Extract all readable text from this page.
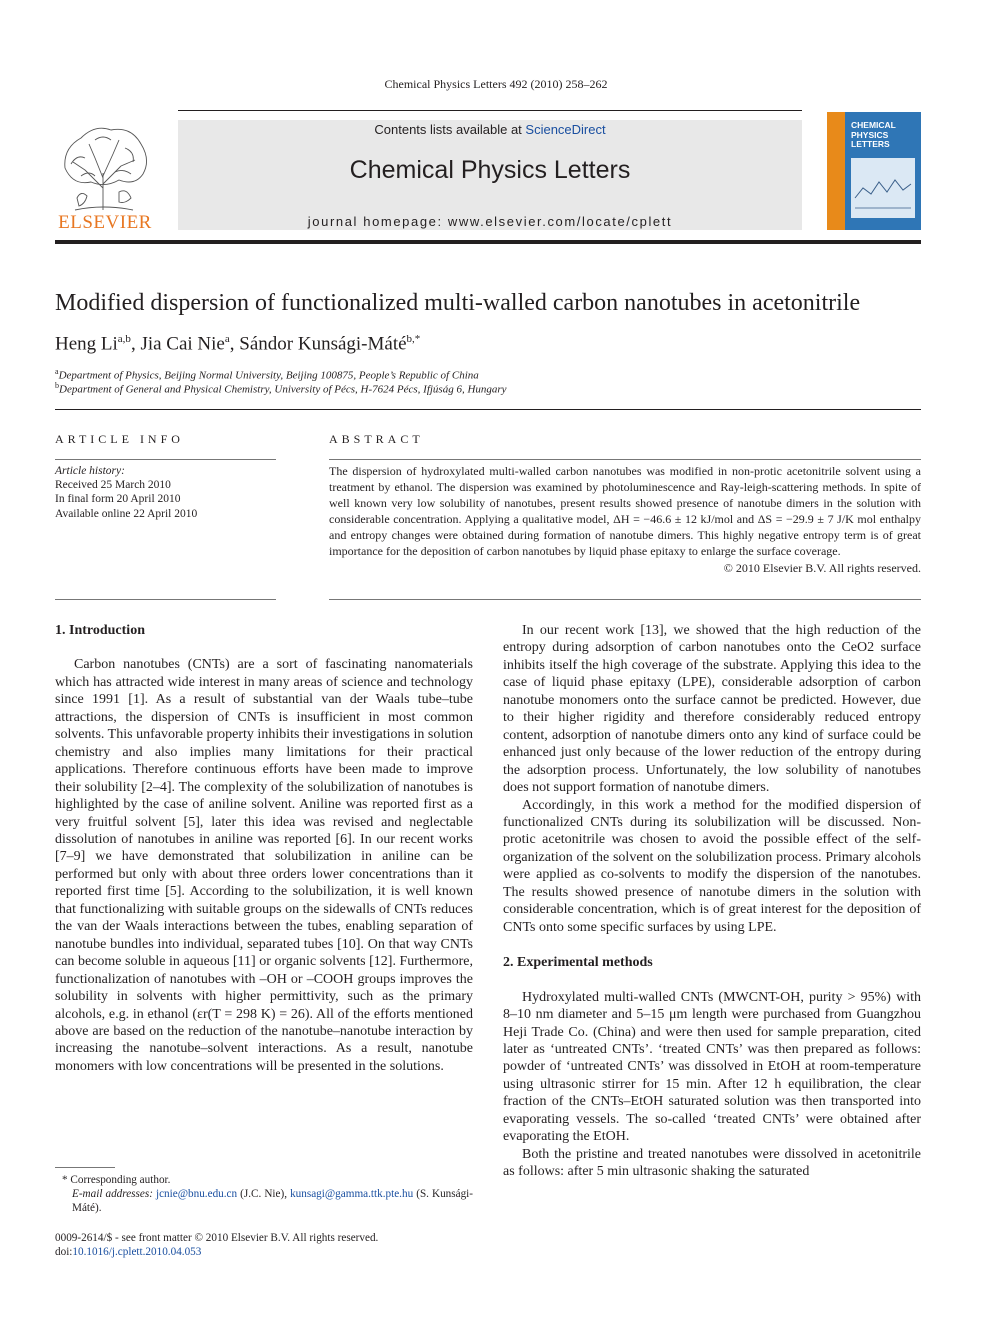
Chemical Physics Letters 492 (2010) 258–262
ELSEVIER
Contents lists available at ScienceDirect
Chemical Physics Letters
journal homepage: www.elsevier.com/locate/cplett
CHEMICAL
PHYSICS
LETTERS
Modified dispersion of functionalized multi-walled carbon nanotubes in acetonitrile
Heng Li$^{a,b}$, Jia Cai Nie$^a$, Sándor Kunsági-Máté$^{b,*}$
$^a$Department of Physics, Beijing Normal University, Beijing 100875, People’s Republic of China
$^b$Department of General and Physical Chemistry, University of Pécs, H-7624 Pécs, Ifjúság 6, Hungary
ARTICLE INFO
Article history:
Received 25 March 2010
In final form 20 April 2010
Available online 22 April 2010
ABSTRACT
The dispersion of hydroxylated multi-walled carbon nanotubes was modified in non-protic acetonitrile solvent using a treatment by ethanol. The dispersion was examined by photoluminescence and Ray-leigh-scattering methods. In spite of well known very low solubility of nanotubes, present results showed presence of nanotube dimers in the solution with considerable concentration. Applying a qualitative model, ΔH = −46.6 ± 12 kJ/mol and ΔS = −29.9 ± 7 J/K mol enthalpy and entropy changes were obtained during formation of nanotube dimers. This highly negative entropy term is of great importance for the deposition of carbon nanotubes by liquid phase epitaxy to enlarge the surface coverage.
© 2010 Elsevier B.V. All rights reserved.
1. Introduction

Carbon nanotubes (CNTs) are a sort of fascinating nanomaterials which has attracted wide interest in many areas of science and technology since 1991 [1]. As a result of substantial van der Waals tube–tube attractions, the dispersion of CNTs is insufficient in most common solvents. This unfavorable property inhibits their investigations in solution chemistry and also implies many limitations for their practical applications. Therefore continuous efforts have been made to improve their solubility [2–4]. The complexity of the solubilization of nanotubes is highlighted by the case of aniline solvent. Aniline was reported first as a very fruitful solvent [5], later this idea was revised and neglectable dissolution of nanotubes in aniline was reported [6]. In our recent works [7–9] we have demonstrated that solubilization in aniline can be performed but only with about three orders lower concentrations than it reported first time [5]. According to the solubilization, it is well known that functionalizing with suitable groups on the sidewalls of CNTs reduces the van der Waals interactions between the tubes, enabling separation of nanotube bundles into individual, separated tubes [10]. On that way CNTs can become soluble in aqueous [11] or organic solvents [12]. Furthermore, functionalization of nanotubes with –OH or –COOH groups improves the solubility in solvents with higher permittivity, such as the primary alcohols, e.g. in ethanol (εr(T = 298 K) = 26). All of the efforts mentioned above are based on the reduction of the nanotube–nanotube interaction by increasing the nanotube–solvent interactions. As a result, nanotube monomers with low concentrations will be presented in the solutions.

* Corresponding author.
E-mail addresses: jcnie@bnu.edu.cn (J.C. Nie), kunsagi@gamma.ttk.pte.hu (S. Kunsági-Máté).
0009-2614/$ - see front matter © 2010 Elsevier B.V. All rights reserved.
doi:10.1016/j.cplett.2010.04.053

In our recent work [13], we showed that the high reduction of the entropy during adsorption of carbon nanotubes onto the CeO2 surface inhibits itself the high coverage of the substrate. Applying this idea to the case of liquid phase epitaxy (LPE), considerable adsorption of carbon nanotube monomers onto the surface cannot be predicted. However, due to their higher rigidity and therefore considerably reduced entropy content, adsorption of nanotube dimers onto any kind of surface could be enhanced just only because of the lower reduction of the entropy during the adsorption process. Unfortunately, the low solubility of nanotubes does not support formation of nanotube dimers.

Accordingly, in this work a method for the modified dispersion of functionalized CNTs during its solubilization will be discussed. Non-protic acetonitrile was chosen to avoid the possible effect of the self-organization of the solvent on the solubilization process. Primary alcohols were applied as co-solvents to modify the dispersion of the nanotubes. The results showed presence of nanotube dimers in the solution with considerable concentration, which is of great interest for the deposition of CNTs onto some specific surfaces by using LPE.

2. Experimental methods

Hydroxylated multi-walled CNTs (MWCNT-OH, purity > 95%) with 8–10 nm diameter and 5–15 μm length were purchased from Guangzhou Heji Trade Co. (China) and were then used for sample preparation, cited later as ‘untreated CNTs’. ‘treated CNTs’ was then prepared as follows: powder of ‘untreated CNTs’ was dissolved in EtOH at room-temperature using ultrasonic stirrer for 15 min. After 12 h equilibration, the clear fraction of the CNTs–EtOH saturated solution was then transported into evaporating vessels. The so-called ‘treated CNTs’ were obtained after evaporating the EtOH.

Both the pristine and treated nanotubes were dissolved in acetonitrile as follows: after 5 min ultrasonic shaking the saturated
